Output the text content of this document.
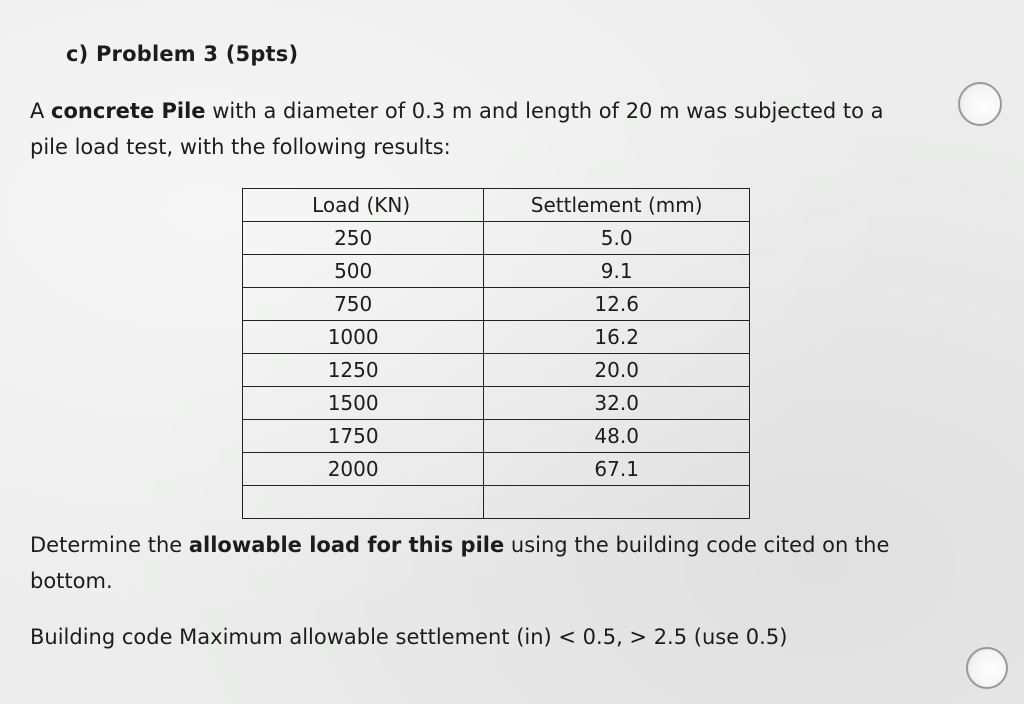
c) Problem 3 (5pts)
A concrete Pile with a diameter of 0.3 m and length of 20 m was subjected to a pile load test, with the following results:
Load (KN)	Settlement (mm)
250	5.0
500	9.1
750	12.6
1000	16.2
1250	20.0
1500	32.0
1750	48.0
2000	67.1

Determine the allowable load for this pile using the building code cited on the bottom.
Building code Maximum allowable settlement (in) < 0.5, > 2.5 (use 0.5)
